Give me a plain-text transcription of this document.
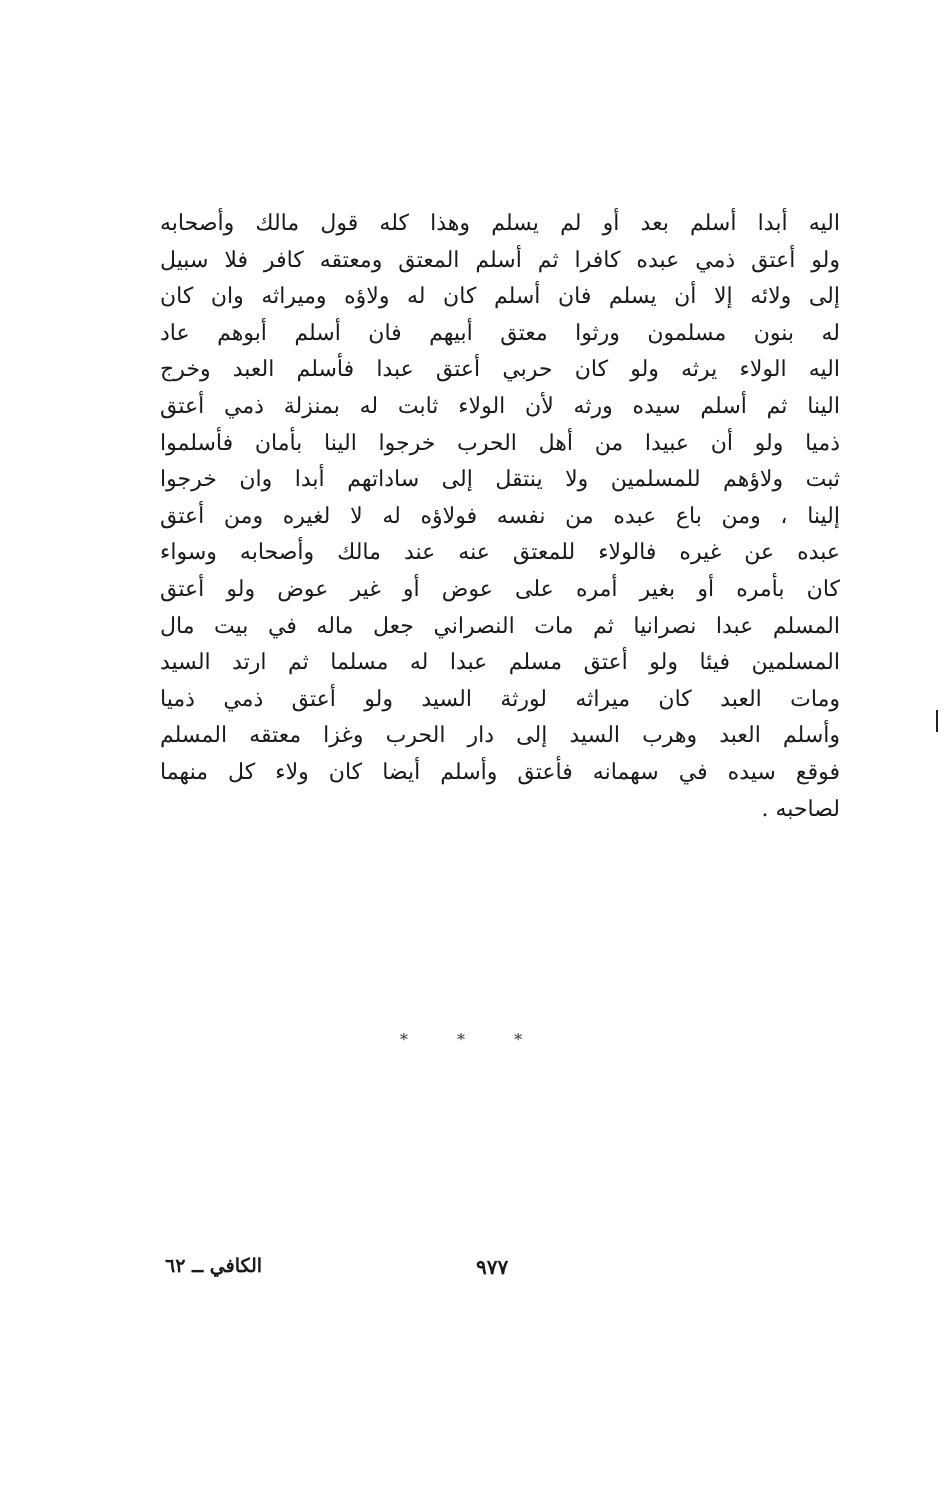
اليه أبدا أسلم بعد أو لم يسلم وهذا كله قول مالك وأصحابه
ولو أعتق ذمي عبده كافرا ثم أسلم المعتق ومعتقه كافر فلا سبيل
إلى ولائه إلا أن يسلم فان أسلم كان له ولاؤه وميراثه وان كان
له بنون مسلمون ورثوا معتق أبيهم فان أسلم أبوهم عاد
اليه الولاء يرثه ولو كان حربي أعتق عبدا فأسلم العبد وخرج
الينا ثم أسلم سيده ورثه لأن الولاء ثابت له بمنزلة ذمي أعتق
ذميا ولو أن عبيدا من أهل الحرب خرجوا الينا بأمان فأسلموا
ثبت ولاؤهم للمسلمين ولا ينتقل إلى ساداتهم أبدا وان خرجوا
إلينا ، ومن باع عبده من نفسه فولاؤه له لا لغيره ومن أعتق
عبده عن غيره فالولاء للمعتق عنه عند مالك وأصحابه وسواء
كان بأمره أو بغير أمره على عوض أو غير عوض ولو أعتق
المسلم عبدا نصرانيا ثم مات النصراني جعل ماله في بيت مال
المسلمين فيئا ولو أعتق مسلم عبدا له مسلما ثم ارتد السيد
ومات العبد كان ميراثه لورثة السيد ولو أعتق ذمي ذميا
وأسلم العبد وهرب السيد إلى دار الحرب وغزا معتقه المسلم
فوقع سيده في سهمانه فأعتق وأسلم أيضا كان ولاء كل منهما
لصاحبه .
* * *
٩٧٧
الكافي ــ ٦٢
